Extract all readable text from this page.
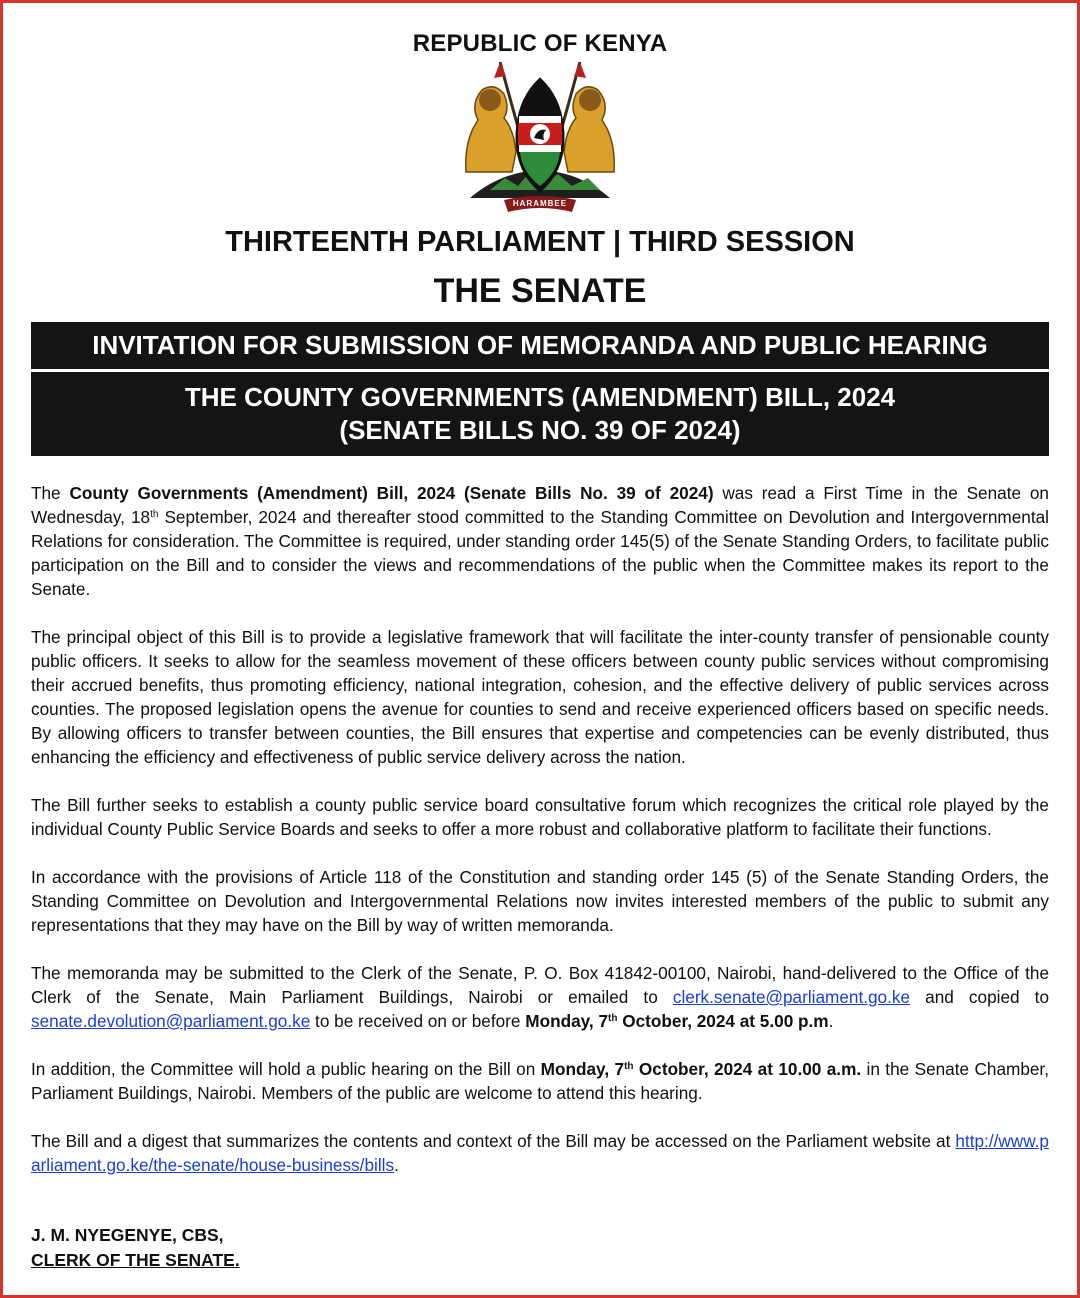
REPUBLIC OF KENYA
HARAMBEE
THIRTEENTH PARLIAMENT | THIRD SESSION
THE SENATE
INVITATION FOR SUBMISSION OF MEMORANDA AND PUBLIC HEARING
THE COUNTY GOVERNMENTS (AMENDMENT) BILL, 2024
(SENATE BILLS NO. 39 OF 2024)

The County Governments (Amendment) Bill, 2024 (Senate Bills No. 39 of 2024) was read a First Time in the Senate on Wednesday, 18th September, 2024 and thereafter stood committed to the Standing Committee on Devolution and Intergovernmental Relations for consideration. The Committee is required, under standing order 145(5) of the Senate Standing Orders, to facilitate public participation on the Bill and to consider the views and recommendations of the public when the Committee makes its report to the Senate.

The principal object of this Bill is to provide a legislative framework that will facilitate the inter-county transfer of pensionable county public officers. It seeks to allow for the seamless movement of these officers between county public services without compromising their accrued benefits, thus promoting efficiency, national integration, cohesion, and the effective delivery of public services across counties. The proposed legislation opens the avenue for counties to send and receive experienced officers based on specific needs. By allowing officers to transfer between counties, the Bill ensures that expertise and competencies can be evenly distributed, thus enhancing the efficiency and effectiveness of public service delivery across the nation.

The Bill further seeks to establish a county public service board consultative forum which recognizes the critical role played by the individual County Public Service Boards and seeks to offer a more robust and collaborative platform to facilitate their functions.

In accordance with the provisions of Article 118 of the Constitution and standing order 145 (5) of the Senate Standing Orders, the Standing Committee on Devolution and Intergovernmental Relations now invites interested members of the public to submit any representations that they may have on the Bill by way of written memoranda.

The memoranda may be submitted to the Clerk of the Senate, P. O. Box 41842-00100, Nairobi, hand-delivered to the Office of the Clerk of the Senate, Main Parliament Buildings, Nairobi or emailed to clerk.senate@parliament.go.ke and copied to senate.devolution@parliament.go.ke to be received on or before Monday, 7th October, 2024 at 5.00 p.m.

In addition, the Committee will hold a public hearing on the Bill on Monday, 7th October, 2024 at 10.00 a.m. in the Senate Chamber, Parliament Buildings, Nairobi. Members of the public are welcome to attend this hearing.

The Bill and a digest that summarizes the contents and context of the Bill may be accessed on the Parliament website at http://www.parliament.go.ke/the-senate/house-business/bills.

J. M. NYEGENYE, CBS,
CLERK OF THE SENATE.
